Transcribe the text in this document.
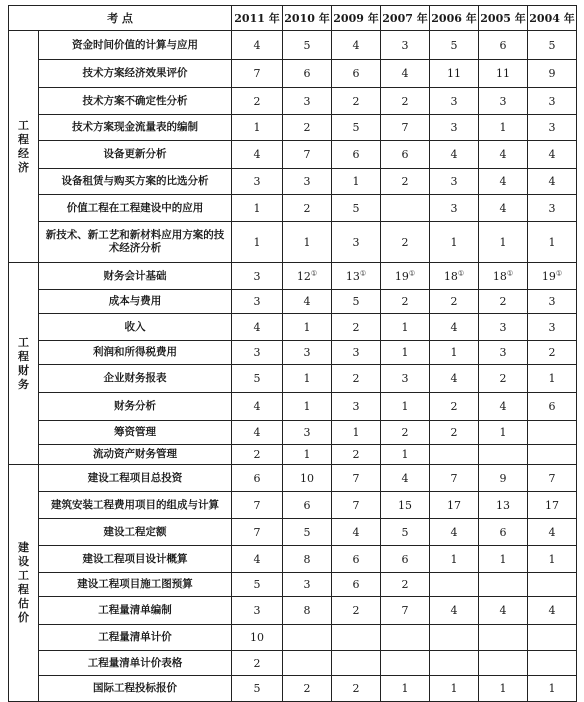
考 点		2011 年	2010 年	2009 年	2007 年	2006 年	2005 年	2004 年
工程经济	资金时间价值的计算与应用	4	5	4	3	5	6	5
	技术方案经济效果评价	7	6	6	4	11	11	9
	技术方案不确定性分析	2	3	2	2	3	3	3
	技术方案现金流量表的编制	1	2	5	7	3	1	3
	设备更新分析	4	7	6	6	4	4	4
	设备租赁与购买方案的比选分析	3	3	1	2	3	4	4
	价值工程在工程建设中的应用	1	2	5		3	4	3
	新技术、新工艺和新材料应用方案的技术经济分析	1	1	3	2	1	1	1
工程财务	财务会计基础	3	12①	13①	19①	18①	18①	19①
	成本与费用	3	4	5	2	2	2	3
	收入	4	1	2	1	4	3	3
	利润和所得税费用	3	3	3	1	1	3	2
	企业财务报表	5	1	2	3	4	2	1
	财务分析	4	1	3	1	2	4	6
	筹资管理	4	3	1	2	2	1	
	流动资产财务管理	2	1	2	1			
建设工程估价	建设工程项目总投资	6	10	7	4	7	9	7
	建筑安装工程费用项目的组成与计算	7	6	7	15	17	13	17
	建设工程定额	7	5	4	5	4	6	4
	建设工程项目设计概算	4	8	6	6	1	1	1
	建设工程项目施工图预算	5	3	6	2			
	工程量清单编制	3	8	2	7	4	4	4
	工程量清单计价	10						
	工程量清单计价表格	2						
	国际工程投标报价	5	2	2	1	1	1	1
